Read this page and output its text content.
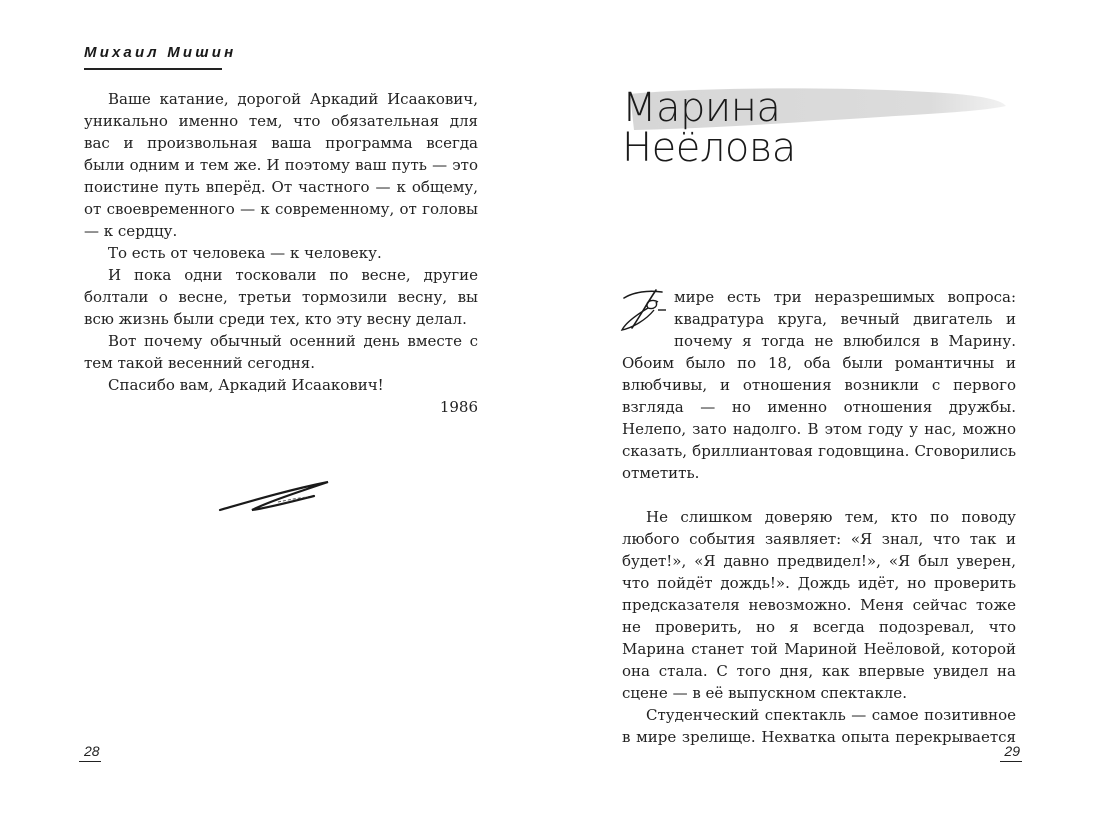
Михаил Мишин

Ваше катание, дорогой Аркадий Исаакович, уникально именно тем, что обязательная для вас и произвольная ваша программа всегда были одним и тем же. И поэтому ваш путь — это поистине путь вперёд. От частного — к общему, от своевременного — к современному, от головы — к сердцу.

То есть от человека — к человеку.

И пока одни тосковали по весне, другие болтали о весне, третьи тормозили весну, вы всю жизнь были среди тех, кто эту весну делал.

Вот почему обычный осенний день вместе с тем такой весенний сегодня.

Спасибо вам, Аркадий Исаакович!

1986

28
Марина
Неёлова

мире есть три неразрешимых вопроса: квадратура круга, вечный двигатель и почему я тогда не влюбился в Марину. Обоим было по 18, оба были романтичны и влюбчивы, и отношения возникли с первого взгляда — но именно отношения дружбы. Нелепо, зато надолго. В этом году у нас, можно сказать, бриллиантовая годовщина. Сговорились отметить.

Не слишком доверяю тем, кто по поводу любого события заявляет: «Я знал, что так и будет!», «Я давно предвидел!», «Я был уверен, что пойдёт дождь!». Дождь идёт, но проверить предсказателя невозможно. Меня сейчас тоже не проверить, но я всегда подозревал, что Марина станет той Мариной Неёловой, которой она стала. С того дня, как впервые увидел на сцене — в её выпускном спектакле.

Студенческий спектакль — самое позитивное в мире зрелище. Нехватка опыта перекрывается

29
